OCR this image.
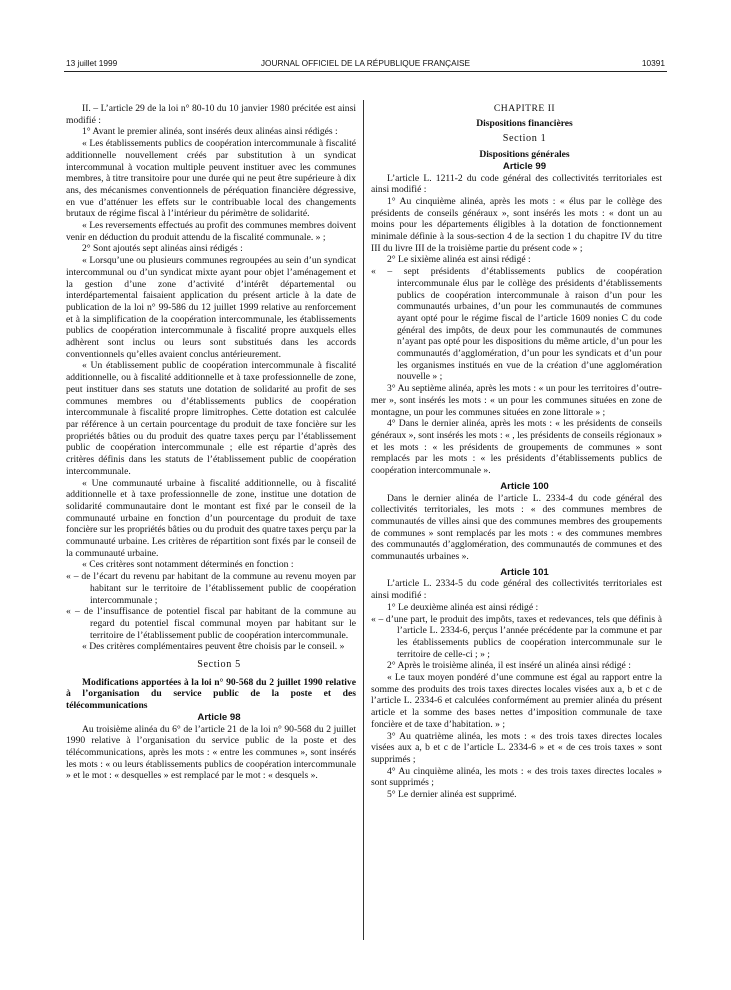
13 juillet 1999	JOURNAL OFFICIEL DE LA RÉPUBLIQUE FRANÇAISE	10391

II. – L’article 29 de la loi n° 80-10 du 10 janvier 1980 précitée est ainsi modifié :

1° Avant le premier alinéa, sont insérés deux alinéas ainsi rédigés :

« Les établissements publics de coopération intercommunale à fiscalité additionnelle nouvellement créés par substitution à un syndicat intercommunal à vocation multiple peuvent instituer avec les communes membres, à titre transitoire pour une durée qui ne peut être supérieure à dix ans, des mécanismes conventionnels de péréquation financière dégressive, en vue d’atténuer les effets sur le contribuable local des changements brutaux de régime fiscal à l’intérieur du périmètre de solidarité.

« Les reversements effectués au profit des communes membres doivent venir en déduction du produit attendu de la fiscalité communale. » ;

2° Sont ajoutés sept alinéas ainsi rédigés :

« Lorsqu’une ou plusieurs communes regroupées au sein d’un syndicat intercommunal ou d’un syndicat mixte ayant pour objet l’aménagement et la gestion d’une zone d’activité d’intérêt départemental ou interdépartemental faisaient application du présent article à la date de publication de la loi n° 99-586 du 12 juillet 1999 relative au renforcement et à la simplification de la coopération intercommunale, les établissements publics de coopération intercommunale à fiscalité propre auxquels elles adhèrent sont inclus ou leurs sont substitués dans les accords conventionnels qu’elles avaient conclus antérieurement.

« Un établissement public de coopération intercommunale à fiscalité additionnelle, ou à fiscalité additionnelle et à taxe professionnelle de zone, peut instituer dans ses statuts une dotation de solidarité au profit de ses communes membres ou d’établissements publics de coopération intercommunale à fiscalité propre limitrophes. Cette dotation est calculée par référence à un certain pourcentage du produit de taxe foncière sur les propriétés bâties ou du produit des quatre taxes perçu par l’établissement public de coopération intercommunale ; elle est répartie d’après des critères définis dans les statuts de l’établissement public de coopération intercommunale.

« Une communauté urbaine à fiscalité additionnelle, ou à fiscalité additionnelle et à taxe professionnelle de zone, institue une dotation de solidarité communautaire dont le montant est fixé par le conseil de la communauté urbaine en fonction d’un pourcentage du produit de taxe foncière sur les propriétés bâties ou du produit des quatre taxes perçu par la communauté urbaine. Les critères de répartition sont fixés par le conseil de la communauté urbaine.

« Ces critères sont notamment déterminés en fonction :

« – de l’écart du revenu par habitant de la commune au revenu moyen par habitant sur le territoire de l’établissement public de coopération intercommunale ;

« – de l’insuffisance de potentiel fiscal par habitant de la commune au regard du potentiel fiscal communal moyen par habitant sur le territoire de l’établissement public de coopération intercommunale.

« Des critères complémentaires peuvent être choisis par le conseil. »

Section 5

Modifications apportées à la loi n° 90-568 du 2 juillet 1990 relative à l’organisation du service public de la poste et des télécommunications

Article 98

Au troisième alinéa du 6° de l’article 21 de la loi n° 90-568 du 2 juillet 1990 relative à l’organisation du service public de la poste et des télécommunications, après les mots : « entre les communes », sont insérés les mots : « ou leurs établissements publics de coopération intercommunale » et le mot : « desquelles » est remplacé par le mot : « desquels ».

CHAPITRE II

Dispositions financières

Section 1

Dispositions générales

Article 99

L’article L. 1211-2 du code général des collectivités territoriales est ainsi modifié :

1° Au cinquième alinéa, après les mots : « élus par le collège des présidents de conseils généraux », sont insérés les mots : « dont un au moins pour les départements éligibles à la dotation de fonctionnement minimale définie à la sous-section 4 de la section 1 du chapitre IV du titre III du livre III de la troisième partie du présent code » ;

2° Le sixième alinéa est ainsi rédigé :

« – sept présidents d’établissements publics de coopération intercommunale élus par le collège des présidents d’établissements publics de coopération intercommunale à raison d’un pour les communautés urbaines, d’un pour les communautés de communes ayant opté pour le régime fiscal de l’article 1609 nonies C du code général des impôts, de deux pour les communautés de communes n’ayant pas opté pour les dispositions du même article, d’un pour les communautés d’agglomération, d’un pour les syndicats et d’un pour les organismes institués en vue de la création d’une agglomération nouvelle » ;

3° Au septième alinéa, après les mots : « un pour les territoires d’outre-mer », sont insérés les mots : « un pour les communes situées en zone de montagne, un pour les communes situées en zone littorale » ;

4° Dans le dernier alinéa, après les mots : « les présidents de conseils généraux », sont insérés les mots : « , les présidents de conseils régionaux » et les mots : « les présidents de groupements de communes » sont remplacés par les mots : « les présidents d’établissements publics de coopération intercommunale ».

Article 100

Dans le dernier alinéa de l’article L. 2334-4 du code général des collectivités territoriales, les mots : « des communes membres de communautés de villes ainsi que des communes membres des groupements de communes » sont remplacés par les mots : « des communes membres des communautés d’agglomération, des communautés de communes et des communautés urbaines ».

Article 101

L’article L. 2334-5 du code général des collectivités territoriales est ainsi modifié :

1° Le deuxième alinéa est ainsi rédigé :

« – d’une part, le produit des impôts, taxes et redevances, tels que définis à l’article L. 2334-6, perçus l’année précédente par la commune et par les établissements publics de coopération intercommunale sur le territoire de celle-ci ; » ;

2° Après le troisième alinéa, il est inséré un alinéa ainsi rédigé :

« Le taux moyen pondéré d’une commune est égal au rapport entre la somme des produits des trois taxes directes locales visées aux a, b et c de l’article L. 2334-6 et calculées conformément au premier alinéa du présent article et la somme des bases nettes d’imposition communale de taxe foncière et de taxe d’habitation. » ;

3° Au quatrième alinéa, les mots : « des trois taxes directes locales visées aux a, b et c de l’article L. 2334-6 » et « de ces trois taxes » sont supprimés ;

4° Au cinquième alinéa, les mots : « des trois taxes directes locales » sont supprimés ;

5° Le dernier alinéa est supprimé.
